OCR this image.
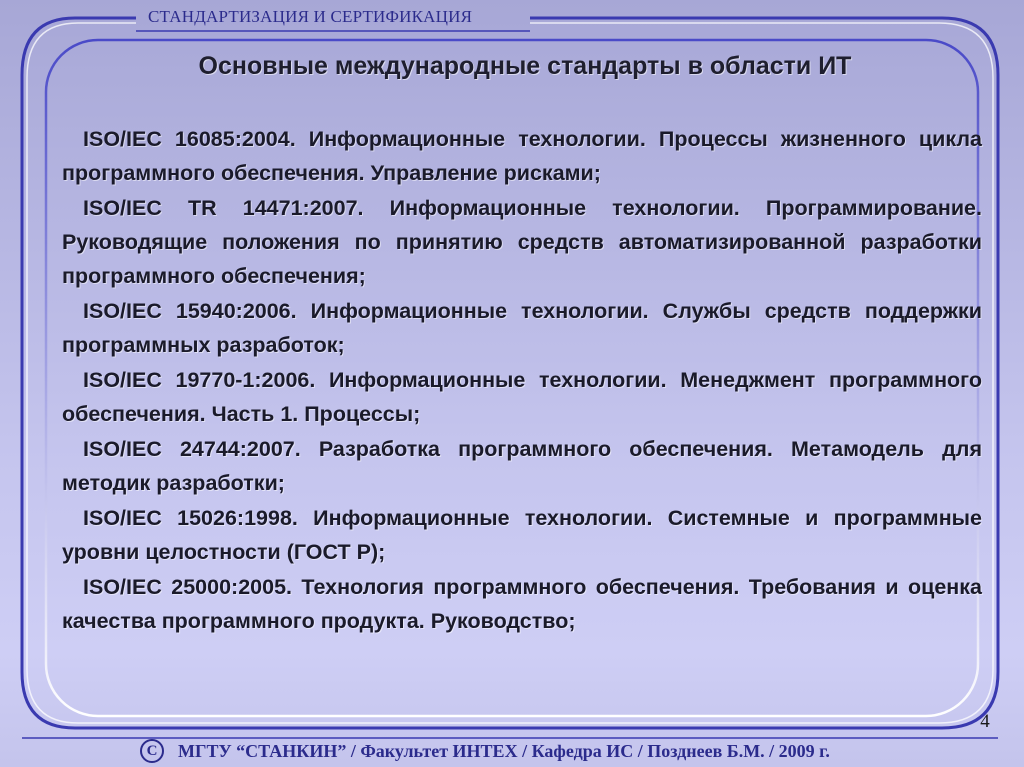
СТАНДАРТИЗАЦИЯ И СЕРТИФИКАЦИЯ
Основные международные стандарты в области ИТ
ISO/IEC 16085:2004. Информационные технологии. Процессы жизненного цикла программного обеспечения. Управление рисками;
ISO/IEC TR 14471:2007. Информационные технологии. Программирование. Руководящие положения по принятию средств автоматизированной разработки программного обеспечения;
ISO/IEC 15940:2006. Информационные технологии. Службы средств поддержки программных разработок;
ISO/IEC 19770-1:2006. Информационные технологии. Менеджмент программного обеспечения. Часть 1. Процессы;
ISO/IEC 24744:2007. Разработка программного обеспечения. Метамодель для методик разработки;
ISO/IEC 15026:1998. Информационные технологии. Системные и программные уровни целостности (ГОСТ Р);
ISO/IEC 25000:2005. Технология программного обеспечения. Требования и оценка качества программного продукта. Руководство;
4
С	МГТУ “СТАНКИН” / Факультет ИНТЕХ / Кафедра ИС / Позднеев Б.М. / 2009 г.
